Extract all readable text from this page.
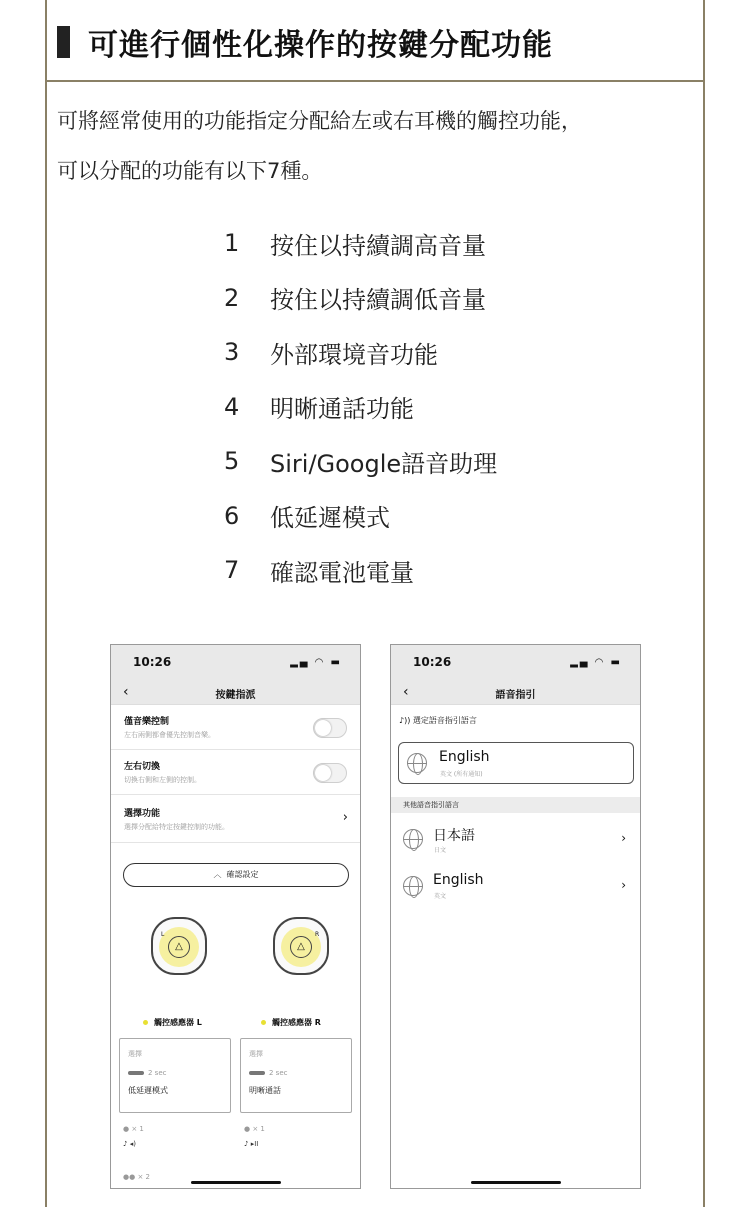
可進行個性化操作的按鍵分配功能
可將經常使用的功能指定分配給左或右耳機的觸控功能，
可以分配的功能有以下7種。
1	按住以持續調高音量
2	按住以持續調低音量
3	外部環境音功能
4	明晰通話功能
5	Siri/Google語音助理
6	低延遲模式
7	確認電池電量
10:26	▂▄ ◠ ▬
‹	按鍵指派
僅音樂控制
左右兩側都會優先控制音樂。
左右切換
切換右側和左側的控制。
選擇功能
選擇分配給特定按鍵控制的功能。
›
︿ 確認設定
△
L
△
R
觸控感應器 L	觸控感應器 R
選擇
2 sec
低延遲模式
選擇
2 sec
明晰通話
● × 1
♪ ◂)
●● × 2
● × 1
♪ ▸II
10:26	▂▄ ◠ ▬
‹	語音指引
♪)) 選定語音指引語言
English
英文 (所有通知)
其他語音指引語言
日本語
日文
›
English
英文
›
